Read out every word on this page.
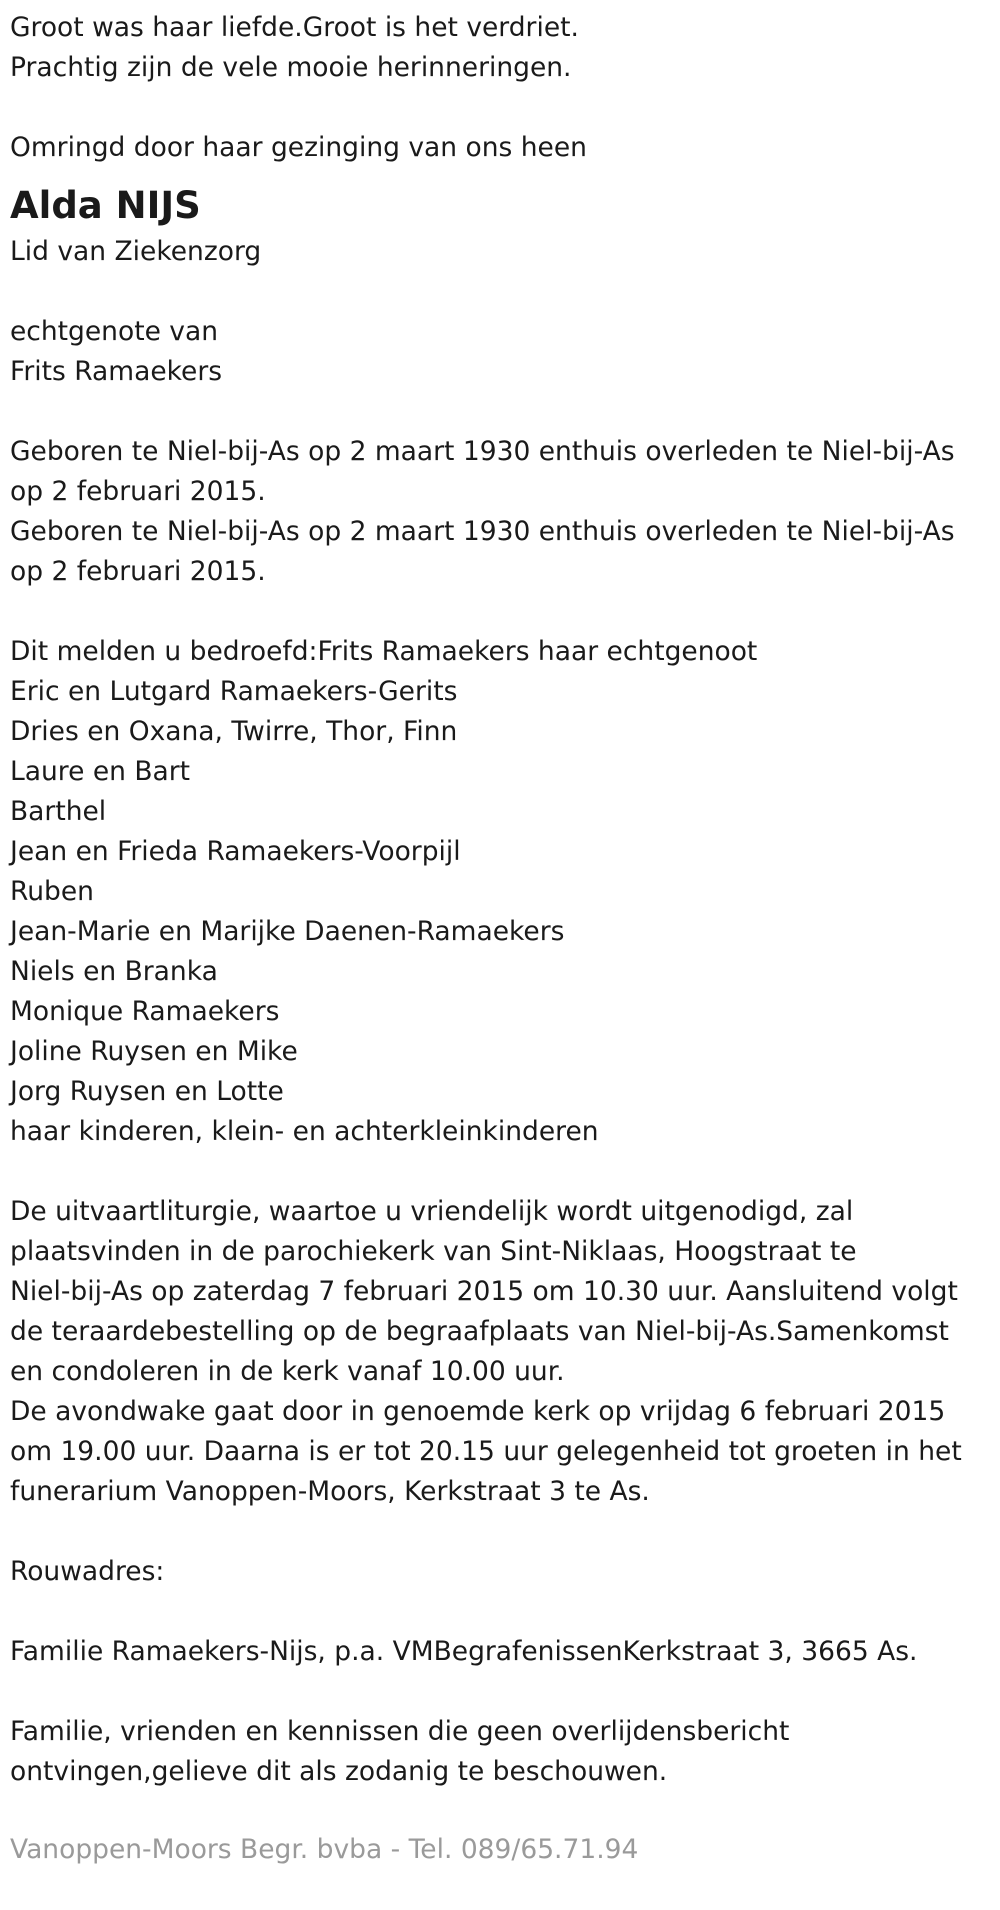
Groot was haar liefde.Groot is het verdriet.

Prachtig zijn de vele mooie herinneringen.

Omringd door haar gezinging van ons heen

Alda NIJS

Lid van Ziekenzorg

echtgenote van

Frits Ramaekers

Geboren te Niel-bij-As op 2 maart 1930 enthuis overleden te Niel-bij-As

op 2 februari 2015.

Geboren te Niel-bij-As op 2 maart 1930 enthuis overleden te Niel-bij-As

op 2 februari 2015.

Dit melden u bedroefd:Frits Ramaekers haar echtgenoot

Eric en Lutgard Ramaekers-Gerits

Dries en Oxana, Twirre, Thor, Finn

Laure en Bart

Barthel

Jean en Frieda Ramaekers-Voorpijl

Ruben

Jean-Marie en Marijke Daenen-Ramaekers

Niels en Branka

Monique Ramaekers

Joline Ruysen en Mike

Jorg Ruysen en Lotte

haar kinderen, klein- en achterkleinkinderen

De uitvaartliturgie, waartoe u vriendelijk wordt uitgenodigd, zal

plaatsvinden in de parochiekerk van Sint-Niklaas, Hoogstraat te

Niel-bij-As op zaterdag 7 februari 2015 om 10.30 uur. Aansluitend volgt

de teraardebestelling op de begraafplaats van Niel-bij-As.Samenkomst

en condoleren in de kerk vanaf 10.00 uur.

De avondwake gaat door in genoemde kerk op vrijdag 6 februari 2015

om 19.00 uur. Daarna is er tot 20.15 uur gelegenheid tot groeten in het

funerarium Vanoppen-Moors, Kerkstraat 3 te As.

Rouwadres:

Familie Ramaekers-Nijs, p.a. VMBegrafenissenKerkstraat 3, 3665 As.

Familie, vrienden en kennissen die geen overlijdensbericht

ontvingen,gelieve dit als zodanig te beschouwen.

Vanoppen-Moors Begr. bvba - Tel. 089/65.71.94
